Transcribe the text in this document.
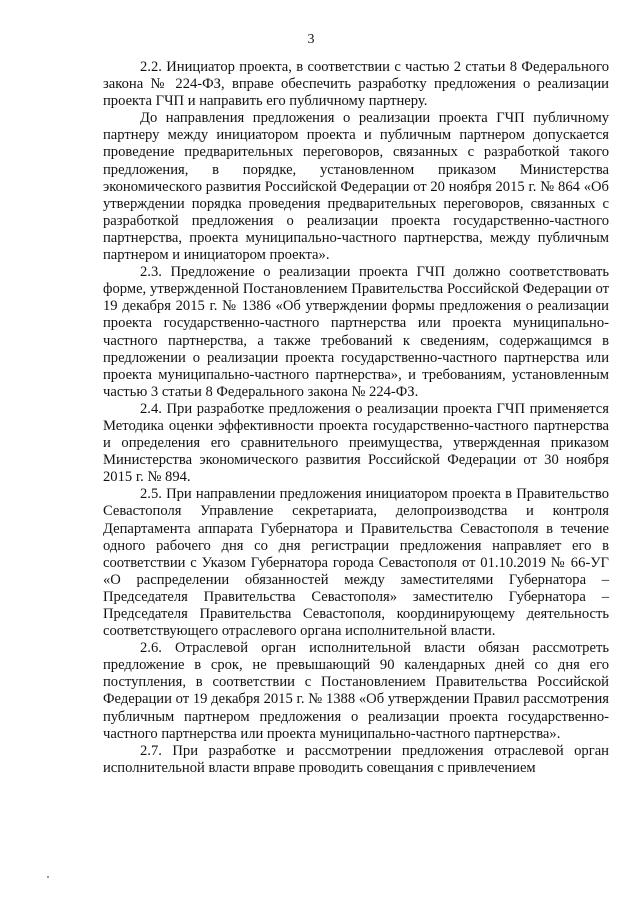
3

2.2. Инициатор проекта, в соответствии с частью 2 статьи 8 Федерального закона № 224-ФЗ, вправе обеспечить разработку предложения о реализации проекта ГЧП и направить его публичному партнеру.

До направления предложения о реализации проекта ГЧП публичному партнеру между инициатором проекта и публичным партнером допускается проведение предварительных переговоров, связанных с разработкой такого предложения, в порядке, установленном приказом Министерства экономического развития Российской Федерации от 20 ноября 2015 г. № 864 «Об утверждении порядка проведения предварительных переговоров, связанных с разработкой предложения о реализации проекта государственно-частного партнерства, проекта муниципально-частного партнерства, между публичным партнером и инициатором проекта».

2.3. Предложение о реализации проекта ГЧП должно соответствовать форме, утвержденной Постановлением Правительства Российской Федерации от 19 декабря 2015 г. № 1386 «Об утверждении формы предложения о реализации проекта государственно-частного партнерства или проекта муниципально-частного партнерства, а также требований к сведениям, содержащимся в предложении о реализации проекта государственно-частного партнерства или проекта муниципально-частного партнерства», и требованиям, установленным частью 3 статьи 8 Федерального закона № 224-ФЗ.

2.4. При разработке предложения о реализации проекта ГЧП применяется Методика оценки эффективности проекта государственно-частного партнерства и определения его сравнительного преимущества, утвержденная приказом Министерства экономического развития Российской Федерации от 30 ноября 2015 г. № 894.

2.5. При направлении предложения инициатором проекта в Правительство Севастополя Управление секретариата, делопроизводства и контроля Департамента аппарата Губернатора и Правительства Севастополя в течение одного рабочего дня со дня регистрации предложения направляет его в соответствии с Указом Губернатора города Севастополя от 01.10.2019 № 66-УГ «О распределении обязанностей между заместителями Губернатора – Председателя Правительства Севастополя» заместителю Губернатора – Председателя Правительства Севастополя, координирующему деятельность соответствующего отраслевого органа исполнительной власти.

2.6. Отраслевой орган исполнительной власти обязан рассмотреть предложение в срок, не превышающий 90 календарных дней со дня его поступления, в соответствии с Постановлением Правительства Российской Федерации от 19 декабря 2015 г. № 1388 «Об утверждении Правил рассмотрения публичным партнером предложения о реализации проекта государственно-частного партнерства или проекта муниципально-частного партнерства».

2.7. При разработке и рассмотрении предложения отраслевой орган исполнительной власти вправе проводить совещания с привлечением
